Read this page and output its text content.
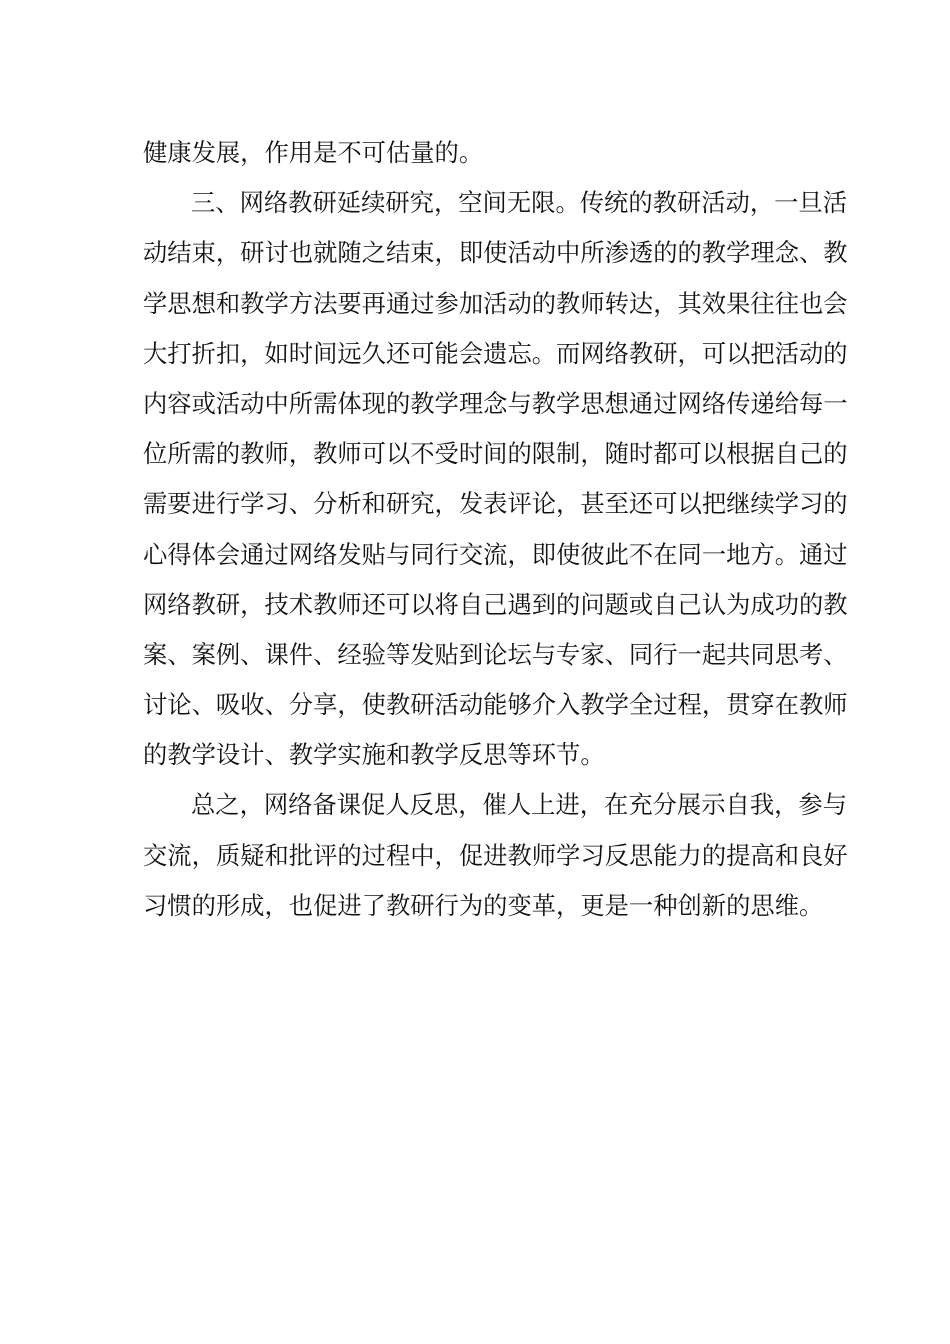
健康发展，作用是不可估量的。
三、网络教研延续研究，空间无限。传统的教研活动，一旦活
动结束，研讨也就随之结束，即使活动中所渗透的的教学理念、教
学思想和教学方法要再通过参加活动的教师转达，其效果往往也会
大打折扣，如时间远久还可能会遗忘。而网络教研，可以把活动的
内容或活动中所需体现的教学理念与教学思想通过网络传递给每一
位所需的教师，教师可以不受时间的限制，随时都可以根据自己的
需要进行学习、分析和研究，发表评论，甚至还可以把继续学习的
心得体会通过网络发贴与同行交流，即使彼此不在同一地方。通过
网络教研，技术教师还可以将自己遇到的问题或自己认为成功的教
案、案例、课件、经验等发贴到论坛与专家、同行一起共同思考、
讨论、吸收、分享，使教研活动能够介入教学全过程，贯穿在教师
的教学设计、教学实施和教学反思等环节。
总之，网络备课促人反思，催人上进，在充分展示自我，参与
交流，质疑和批评的过程中，促进教师学习反思能力的提高和良好
习惯的形成，也促进了教研行为的变革，更是一种创新的思维。
